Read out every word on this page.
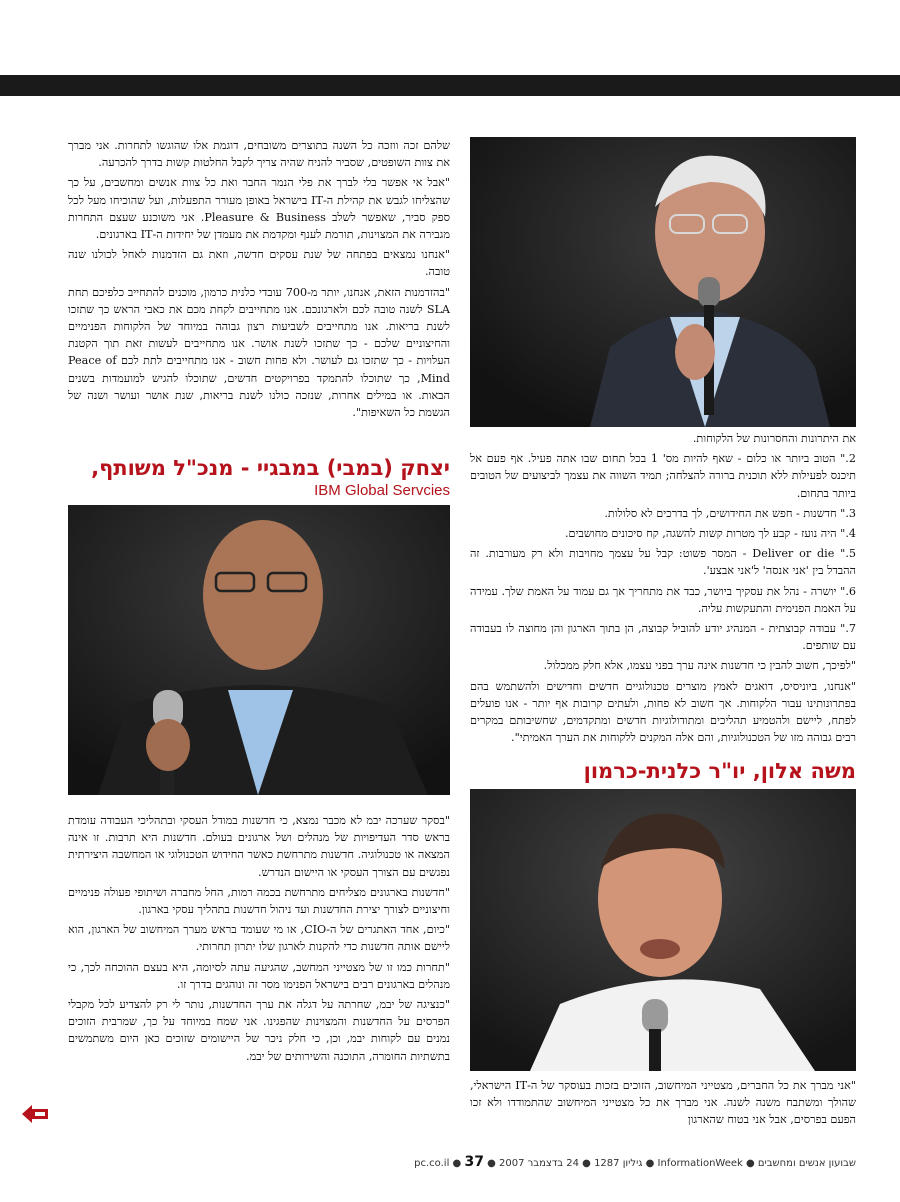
את היתרונות והחסרונות של הלקוחות.

2." הטוב ביותר או כלום - שאף להיות מס' 1 בכל תחום שבו אתה פעיל. אף פעם אל תיכנס לפעילות ללא תוכנית ברורה להצלחה; תמיד השווה את עצמך לביצועים של הטובים ביותר בתחום.

3." חדשנות - חפש את החידושים, לך בדרכים לא סלולות.

4." היה נועז - קבע לך מטרות קשות להשגה, קח סיכונים מחושבים.

5." Deliver or die - המסר פשוט: קבל על עצמך מחויבות ולא רק מעורבות. זה ההבדל בין 'אני אנסה' ל'אני אבצע'.

6." יושרה - נהל את עסקיך ביושר, כבד את מתחריך אך גם עמוד על האמת שלך. עמידה על האמת הפנימית והתעקשות עליה.

7." עבודה קבוצתית - המנהיג יודע להוביל קבוצה, הן בתוך הארגון והן מחוצה לו בעבודה עם שותפים.

"לפיכך, חשוב להבין כי חדשנות אינה ערך בפני עצמו, אלא חלק ממכלול.

"אנחנו, ביוניסיס, דואגים לאמץ מוצרים טכנולוגיים חדשים וחדישים ולהשתמש בהם בפתרונותינו עבור הלקוחות. אך חשוב לא פחות, ולעתים קרובות אף יותר - אנו פועלים לפתח, ליישם ולהטמיע תהליכים ומתודולוגיות חדשים ומתקדמים, שחשיבותם במקרים רבים גבוהה מזו של הטכנולוגיות, והם אלה המקנים ללקוחות את הערך האמיתי".

משה אלון, יו"ר כלנית-כרמון

"אני מברך את כל החברים, מצטייני המיחשוב, הזוכים בזכות בעוסקר של ה-IT הישראלי, שהולך ומשתבח משנה לשנה. אני מברך את כל מצטייני המיחשוב שהתמודדו ולא זכו הפעם בפרסים, אבל אני בטוח שהארגון

שלהם זכה ווזכה כל השנה בתוצרים משובחים, דוגמת אלו שהוגשו לתחרות. אני מברך את צוות השופטים, שסביר להניח שהיה צריך לקבל החלטות קשות בדרך להכרעה.

"אבל אי אפשר בלי לברך את פלי הנמר החבר ואת כל צוות אנשים ומחשבים, על כך שהצליחו לגבש את קהילת ה-IT בישראל באופן מעורר התפעלות, ועל שהוכיחו מעל לכל ספק סביר, שאפשר לשלב Pleasure & Business. אני משוכנע שעצם התחרות מגבירה את המצוינות, תורמת לענף ומקדמת את מעמדן של יחידות ה-IT בארגונים.

"אנחנו נמצאים בפתחה של שנת עסקים חדשה, וזאת גם הזדמנות לאחל לכולנו שנה טובה.

"בהזדמנות הזאת, אנחנו, יותר מ-700 עובדי כלנית כרמון, מוכנים להתחייב כלפיכם תחת SLA לשנה טובה לכם ולארגונכם. אנו מתחייבים לקחת מכם את כאבי הראש כך שתזכו לשנת בריאות. אנו מתחייבים לשביעות רצון גבוהה במיוחד של הלקוחות הפנימיים והחיצוניים שלכם - כך שתזכו לשנת אושר. אנו מתחייבים לעשות זאת תוך הקטנת העלויות - כך שתזכו גם לעושר. ולא פחות חשוב - אנו מתחייבים לתת לכם Peace of Mind, כך שתוכלו להתמקד בפרויקטים חדשים, שתוכלו להגיש למועמדות בשנים הבאות. או במילים אחרות, שנזכה כולנו לשנת בריאות, שנת אושר ועושר ושנה של הגשמת כל השאיפות".

יצחק (במבי) במבגיי - מנכ"ל משותף,
IBM Global Servcies

"בסקר שערכה יבמ לא מכבר נמצא, כי חדשנות במודל העסקי ובתהליכי העבודה עומדת בראש סדר העדיפויות של מנהלים ושל ארגונים בעולם. חדשנות היא תרבות. זו אינה המצאה או טכנולוגיה. חדשנות מתרחשת כאשר החידוש הטכנולוגי או המחשבה היצירתית נפגשים עם הצורך העסקי או היישום הנדרש.

"חדשנות בארגונים מצליחים מתרחשת בכמה רמות, החל מחברה ושיתופי פעולה פנימיים וחיצוניים לצורך יצירת החדשנות ועד ניהול חדשנות בתהליך עסקי בארגון.

"כיום, אחד האתגרים של ה-CIO, או מי שעומד בראש מערך המיחשוב של הארגון, הוא ליישם אותה חדשנות כדי להקנות לארגון שלו יתרון תחרותי.

"תחרות כמו זו של מצטייני המחשב, שהגיעה עתה לסיומה, היא בעצם ההוכחה לכך, כי מנהלים בארגונים רבים בישראל הפנימו מסר זה ונוהגים בדרך זו.

"כנציגה של יבמ, שחרתה על דגלה את ערך החדשנות, נותר לי רק להצדיע לכל מקבלי הפרסים על החדשנות והמצוינות שהפגינו. אני שמח במיוחד על כך, שמרבית הזוכים נמנים עם לקוחות יבמ, וכן, כי חלק ניכר של היישומים שזוכים כאן היום משתמשים בתשתיות החומרה, התוכנה והשירותים של יבמ.

שבועון אנשים ומחשבים ● InformationWeek ● גיליון 1287 ● 24 בדצמבר 2007 ● pc.co.il ● 37
